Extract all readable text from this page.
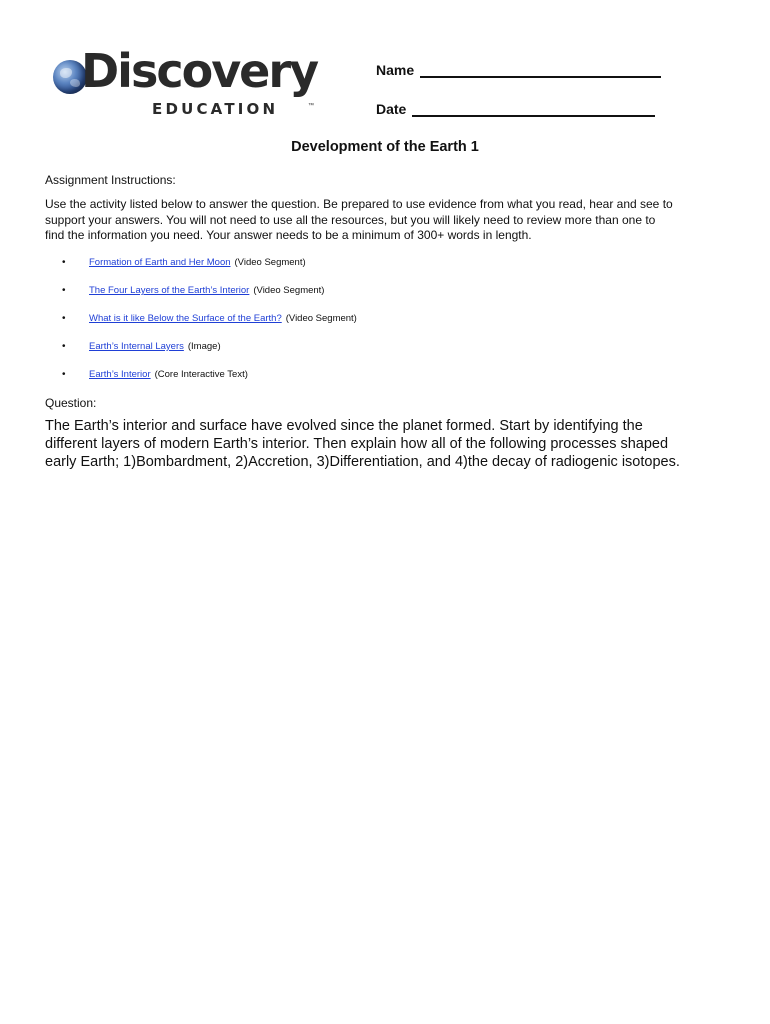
Discovery
EDUCATION	™
Name
Date
Development of the Earth 1
Assignment Instructions:
Use the activity listed below to answer the question. Be prepared to use evidence from what you read, hear and see to support your answers. You will not need to use all the resources, but you will likely need to review more than one to find the information you need. Your answer needs to be a minimum of 300+ words in length.
•	Formation of Earth and Her Moon (Video Segment)
•	The Four Layers of the Earth’s Interior (Video Segment)
•	What is it like Below the Surface of the Earth? (Video Segment)
•	Earth’s Internal Layers (Image)
•	Earth’s Interior (Core Interactive Text)
Question:
The Earth’s interior and surface have evolved since the planet formed. Start by identifying the different layers of modern Earth’s interior. Then explain how all of the following processes shaped early Earth; 1)Bombardment, 2)Accretion, 3)Differentiation, and 4)the decay of radiogenic isotopes.
